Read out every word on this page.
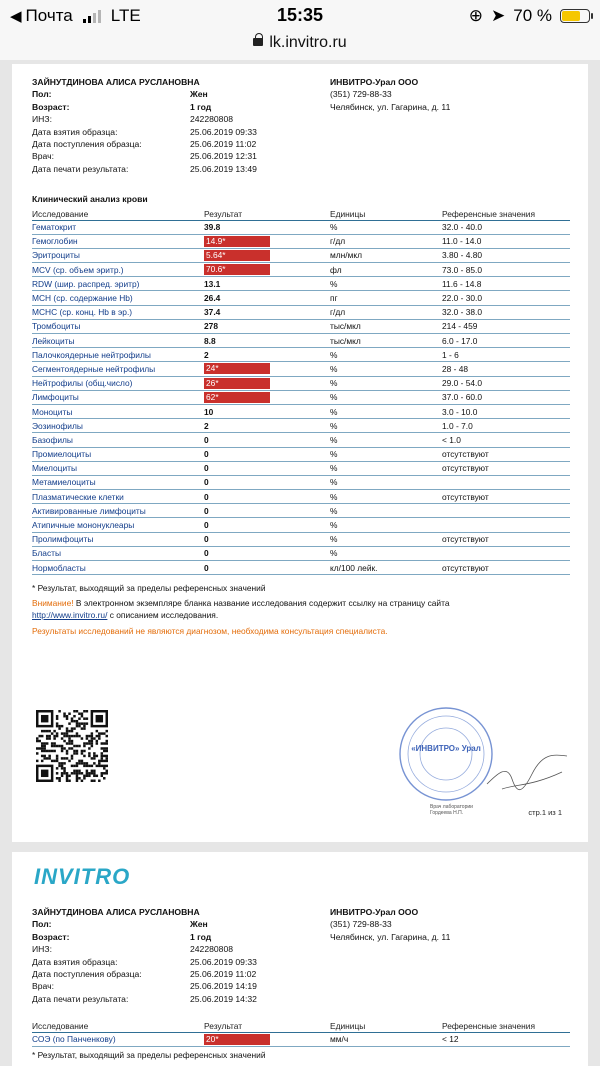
◀ Почта LTE	15:35	⊕ ➤ 70 %
lk.invitro.ru
ЗАЙНУТДИНОВА АЛИСА РУСЛАНОВНА
Пол:	Жен
Возраст:	1 год
ИНЗ:	242280808
Дата взятия образца:	25.06.2019 09:33
Дата поступления образца:	25.06.2019 11:02
Врач:	25.06.2019 12:31
Дата печати результата:	25.06.2019 13:49
ИНВИТРО-Урал ООО
(351) 729-88-33
Челябинск, ул. Гагарина, д. 11
Клинический анализ крови
Исследование	Результат	Единицы	Референсные значения
Гематокрит	39.8	%	32.0 - 40.0
Гемоглобин	14.9*	г/дл	11.0 - 14.0
Эритроциты	5.64*	млн/мкл	3.80 - 4.80
MCV (ср. объем эритр.)	70.6*	фл	73.0 - 85.0
RDW (шир. распред. эритр)	13.1	%	11.6 - 14.8
MCH (ср. содержание Hb)	26.4	пг	22.0 - 30.0
MCHC (ср. конц. Hb в эр.)	37.4	г/дл	32.0 - 38.0
Тромбоциты	278	тыс/мкл	214 - 459
Лейкоциты	8.8	тыс/мкл	6.0 - 17.0
Палочкоядерные нейтрофилы	2	%	1 - 6
Сегментоядерные нейтрофилы	24*	%	28 - 48
Нейтрофилы (общ.число)	26*	%	29.0 - 54.0
Лимфоциты	62*	%	37.0 - 60.0
Моноциты	10	%	3.0 - 10.0
Эозинофилы	2	%	1.0 - 7.0
Базофилы	0	%	< 1.0
Промиелоциты	0	%	отсутствуют
Миелоциты	0	%	отсутствуют
Метамиелоциты	0	%	
Плазматические клетки	0	%	отсутствуют
Активированные лимфоциты	0	%	
Атипичные мононуклеары	0	%	
Пролимфоциты	0	%	отсутствуют
Бласты	0	%	
Нормобласты	0	кл/100 лейк.	отсутствуют
* Результат, выходящий за пределы референсных значений
Внимание! В электронном экземпляре бланка название исследования содержит ссылку на страницу сайта
http://www.invitro.ru/ с описанием исследования.
Результаты исследований не являются диагнозом, необходима консультация специалиста.
«ИНВИТРО» Урал
Врач лаборатории
Гордеева Н.П.	стр.1 из 1
INVITRO
ЗАЙНУТДИНОВА АЛИСА РУСЛАНОВНА
Пол:	Жен
Возраст:	1 год
ИНЗ:	242280808
Дата взятия образца:	25.06.2019 09:33
Дата поступления образца:	25.06.2019 11:02
Врач:	25.06.2019 14:19
Дата печати результата:	25.06.2019 14:32
ИНВИТРО-Урал ООО
(351) 729-88-33
Челябинск, ул. Гагарина, д. 11
Исследование	Результат	Единицы	Референсные значения
СОЭ (по Панченкову)	20*	мм/ч	< 12
* Результат, выходящий за пределы референсных значений
